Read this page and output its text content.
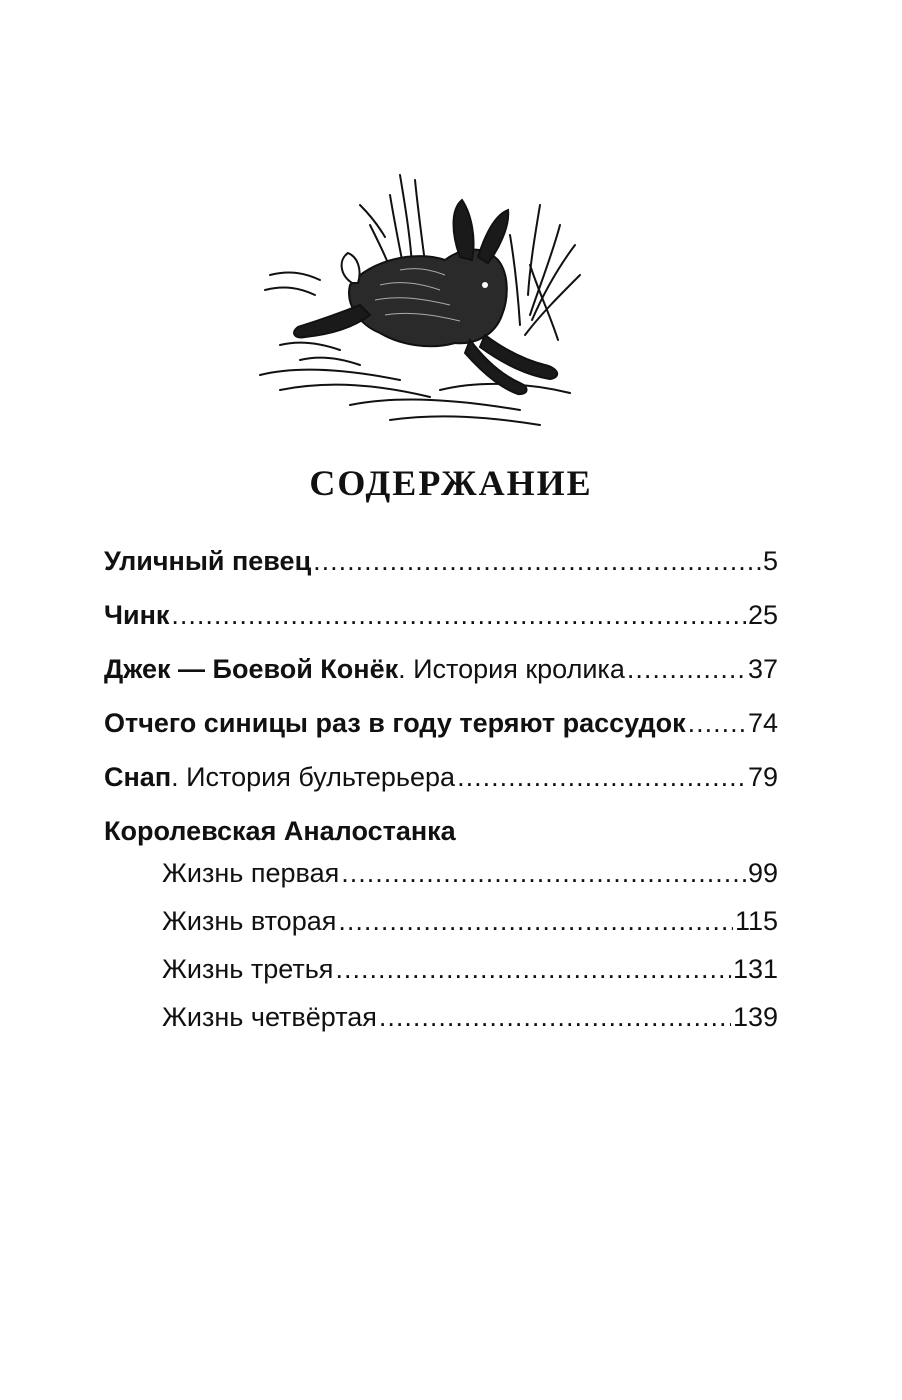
СОДЕРЖАНИЕ
Уличный певец .....	5
Чинк .....	25
Джек — Боевой Конёк. История кролика .....	37
Отчего синицы раз в году теряют рассудок ..... 74
Снап. История бультерьера .....	79
Королевская Аналостанка
Жизнь первая .....	99
Жизнь вторая .....	115
Жизнь третья .....	131
Жизнь четвёртая .....	139
